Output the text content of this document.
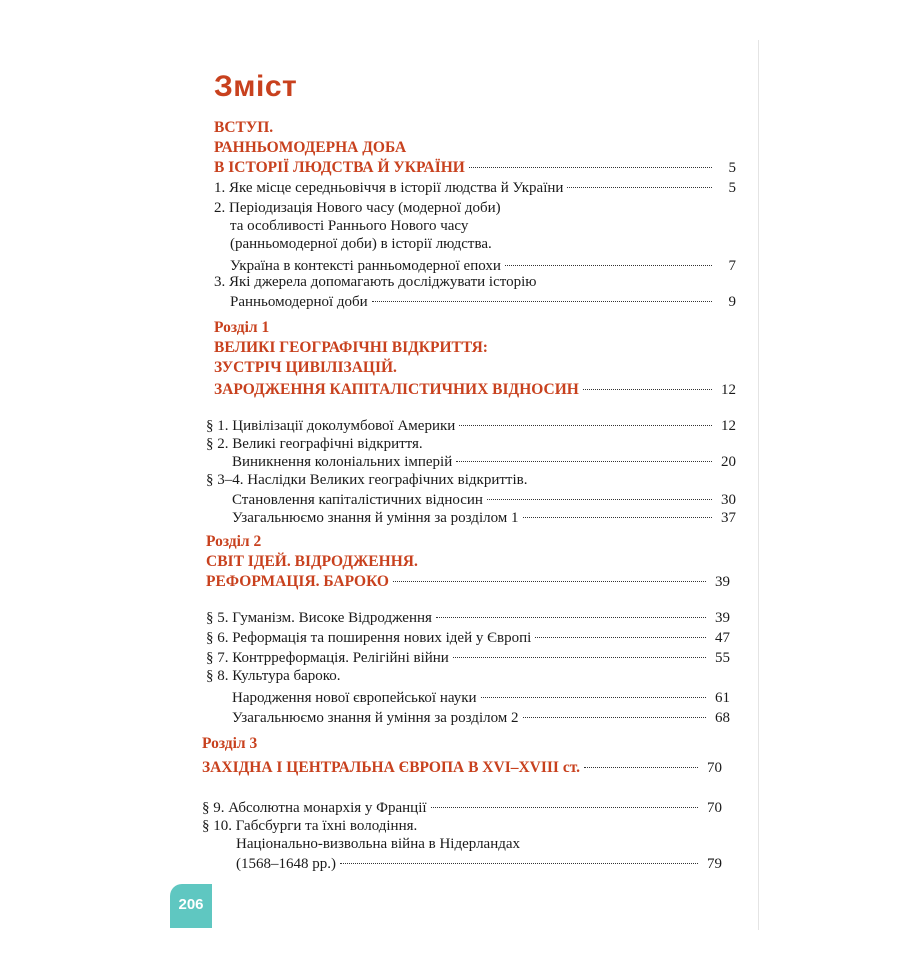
Зміст
ВСТУП.
РАННЬОМОДЕРНА ДОБА
В ІСТОРІЇ ЛЮДСТВА Й УКРАЇНИ	5
1. Яке місце середньовіччя в історії людства й України	5
2. Періодизація Нового часу (модерної доби)
та особливості Раннього Нового часу
(ранньомодерної доби) в історії людства.
Україна в контексті ранньомодерної епохи	7
3. Які джерела допомагають досліджувати історію
Ранньомодерної доби	9
Розділ 1
ВЕЛИКІ ГЕОГРАФІЧНІ ВІДКРИТТЯ:
ЗУСТРІЧ ЦИВІЛІЗАЦІЙ.
ЗАРОДЖЕННЯ КАПІТАЛІСТИЧНИХ ВІДНОСИН	12
§ 1. Цивілізації доколумбової Америки	12
§ 2. Великі географічні відкриття.
Виникнення колоніальних імперій	20
§ 3–4. Наслідки Великих географічних відкриттів.
Становлення капіталістичних відносин	30
Узагальнюємо знання й уміння за розділом 1	37
Розділ 2
СВІТ ІДЕЙ. ВІДРОДЖЕННЯ.
РЕФОРМАЦІЯ. БАРОКО	39
§ 5. Гуманізм. Високе Відродження	39
§ 6. Реформація та поширення нових ідей у Європі	47
§ 7. Контрреформація. Релігійні війни	55
§ 8. Культура бароко.
Народження нової європейської науки	61
Узагальнюємо знання й уміння за розділом 2	68
Розділ 3
ЗАХІДНА І ЦЕНТРАЛЬНА ЄВРОПА В XVI–XVIII ст.	70
§ 9. Абсолютна монархія у Франції	70
§ 10. Габсбурги та їхні володіння.
Національно-визвольна війна в Нідерландах
(1568–1648 рр.)	79
206
